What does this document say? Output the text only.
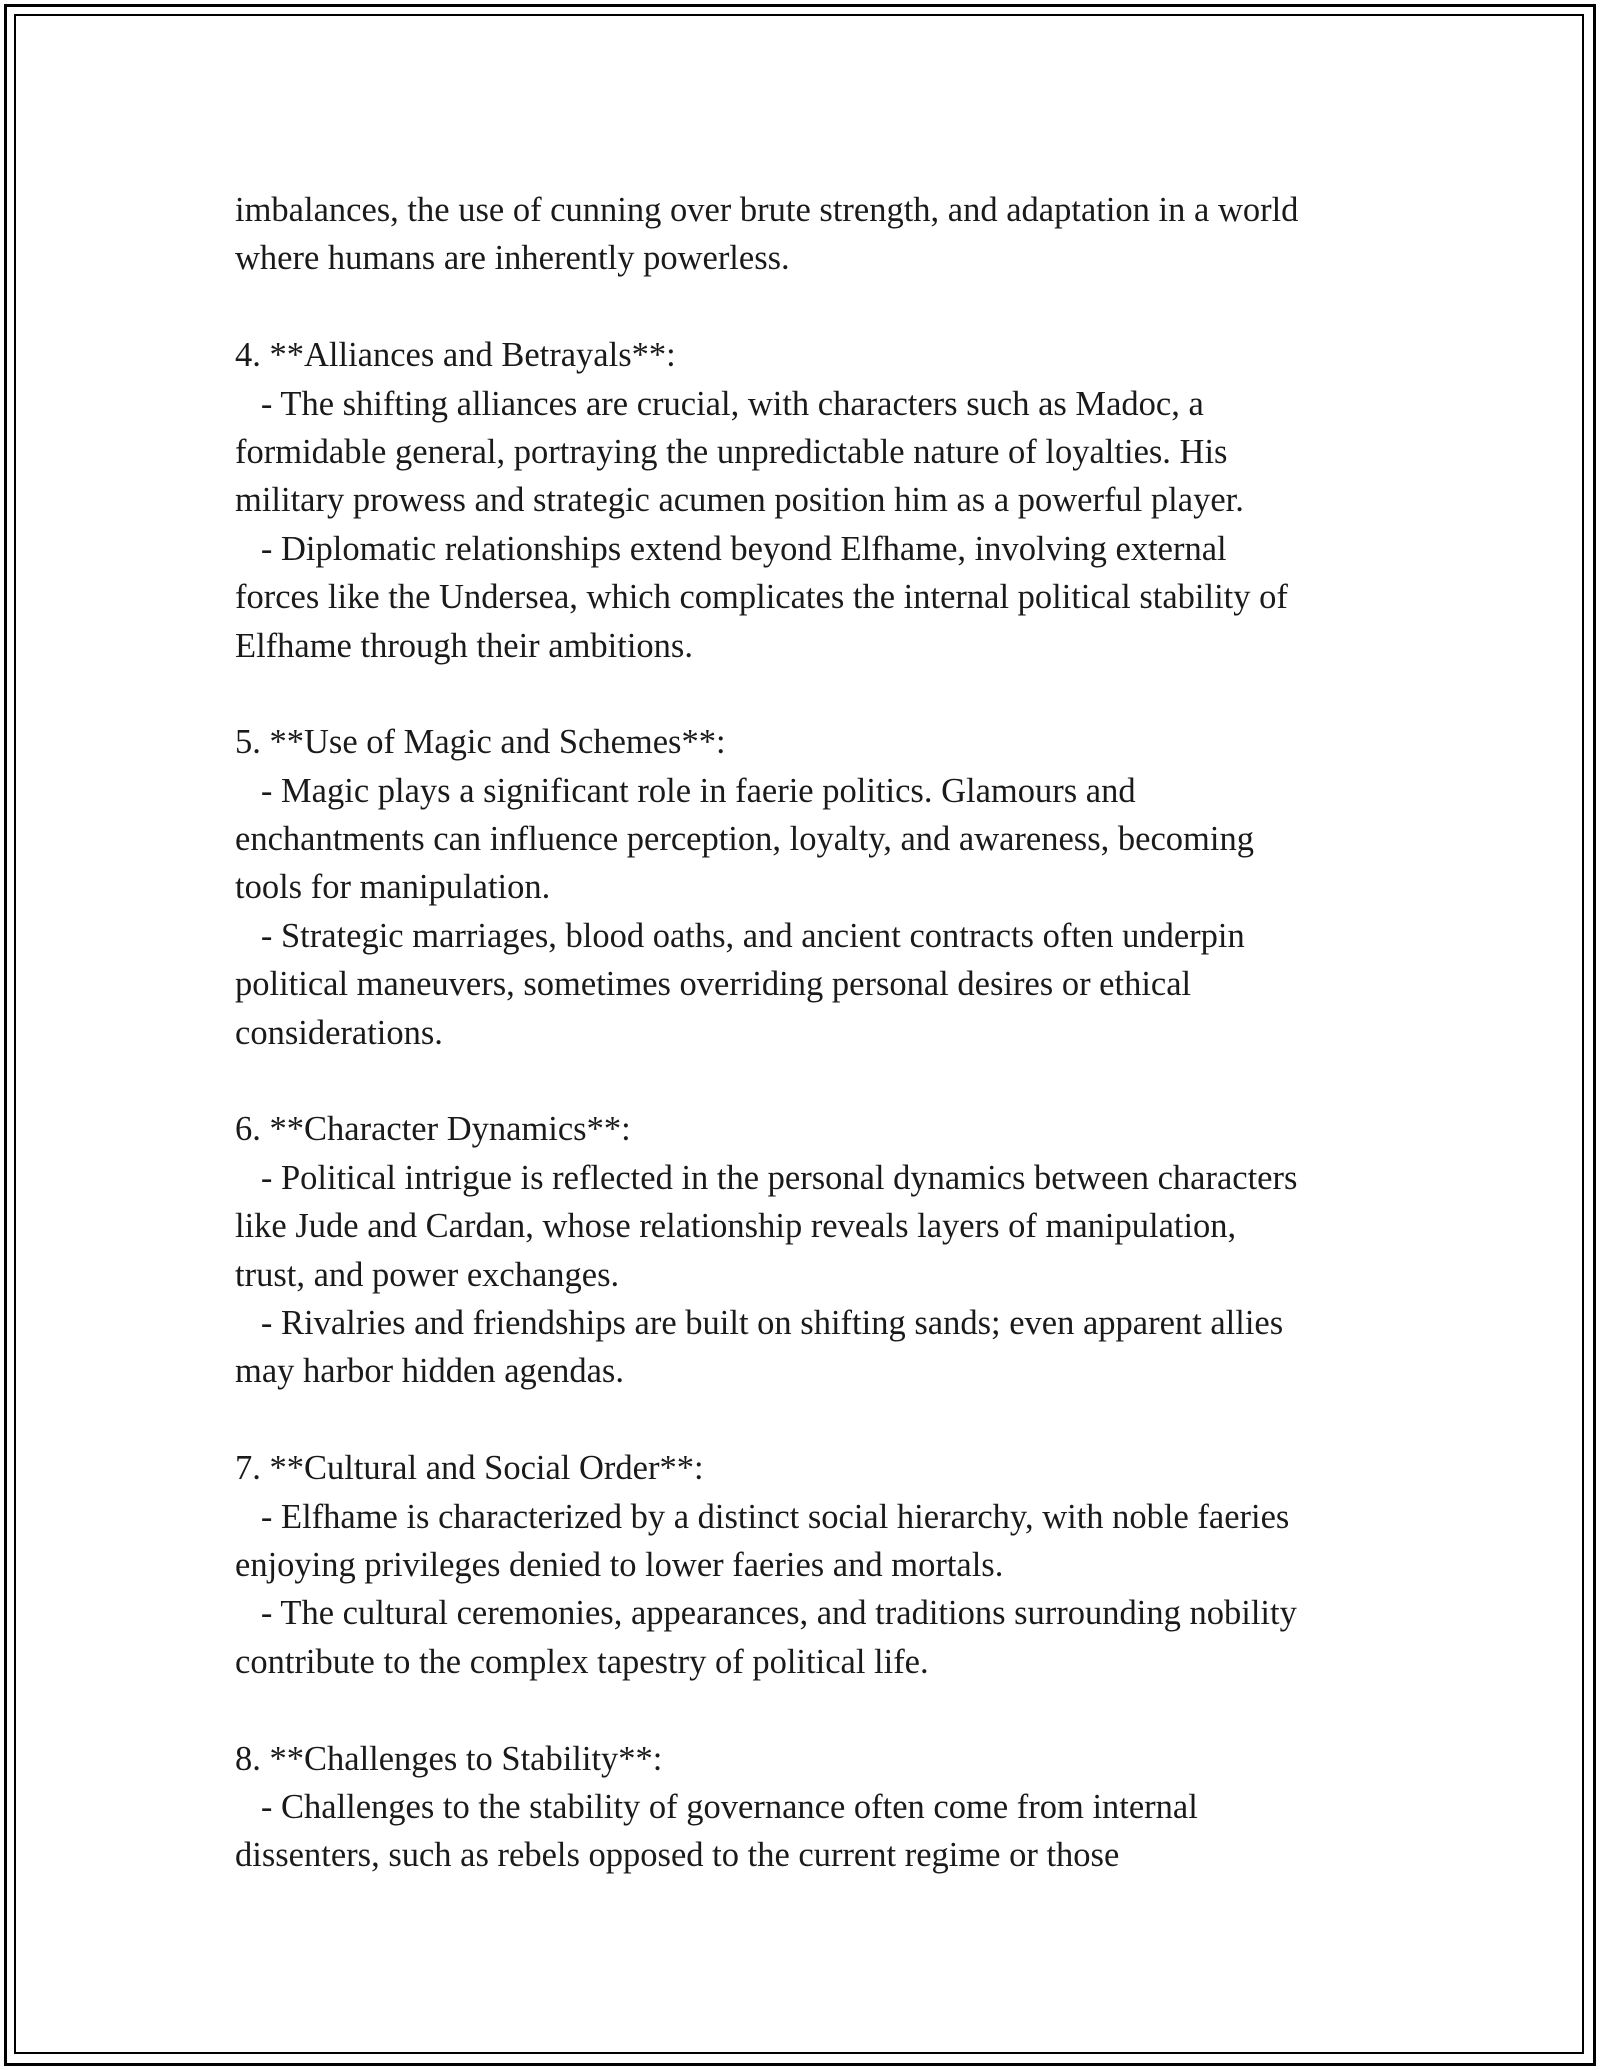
imbalances, the use of cunning over brute strength, and adaptation in a world
where humans are inherently powerless.
4. **Alliances and Betrayals**:
- The shifting alliances are crucial, with characters such as Madoc, a
formidable general, portraying the unpredictable nature of loyalties. His
military prowess and strategic acumen position him as a powerful player.
- Diplomatic relationships extend beyond Elfhame, involving external
forces like the Undersea, which complicates the internal political stability of
Elfhame through their ambitions.
5. **Use of Magic and Schemes**:
- Magic plays a significant role in faerie politics. Glamours and
enchantments can influence perception, loyalty, and awareness, becoming
tools for manipulation.
- Strategic marriages, blood oaths, and ancient contracts often underpin
political maneuvers, sometimes overriding personal desires or ethical
considerations.
6. **Character Dynamics**:
- Political intrigue is reflected in the personal dynamics between characters
like Jude and Cardan, whose relationship reveals layers of manipulation,
trust, and power exchanges.
- Rivalries and friendships are built on shifting sands; even apparent allies
may harbor hidden agendas.
7. **Cultural and Social Order**:
- Elfhame is characterized by a distinct social hierarchy, with noble faeries
enjoying privileges denied to lower faeries and mortals.
- The cultural ceremonies, appearances, and traditions surrounding nobility
contribute to the complex tapestry of political life.
8. **Challenges to Stability**:
- Challenges to the stability of governance often come from internal
dissenters, such as rebels opposed to the current regime or those
